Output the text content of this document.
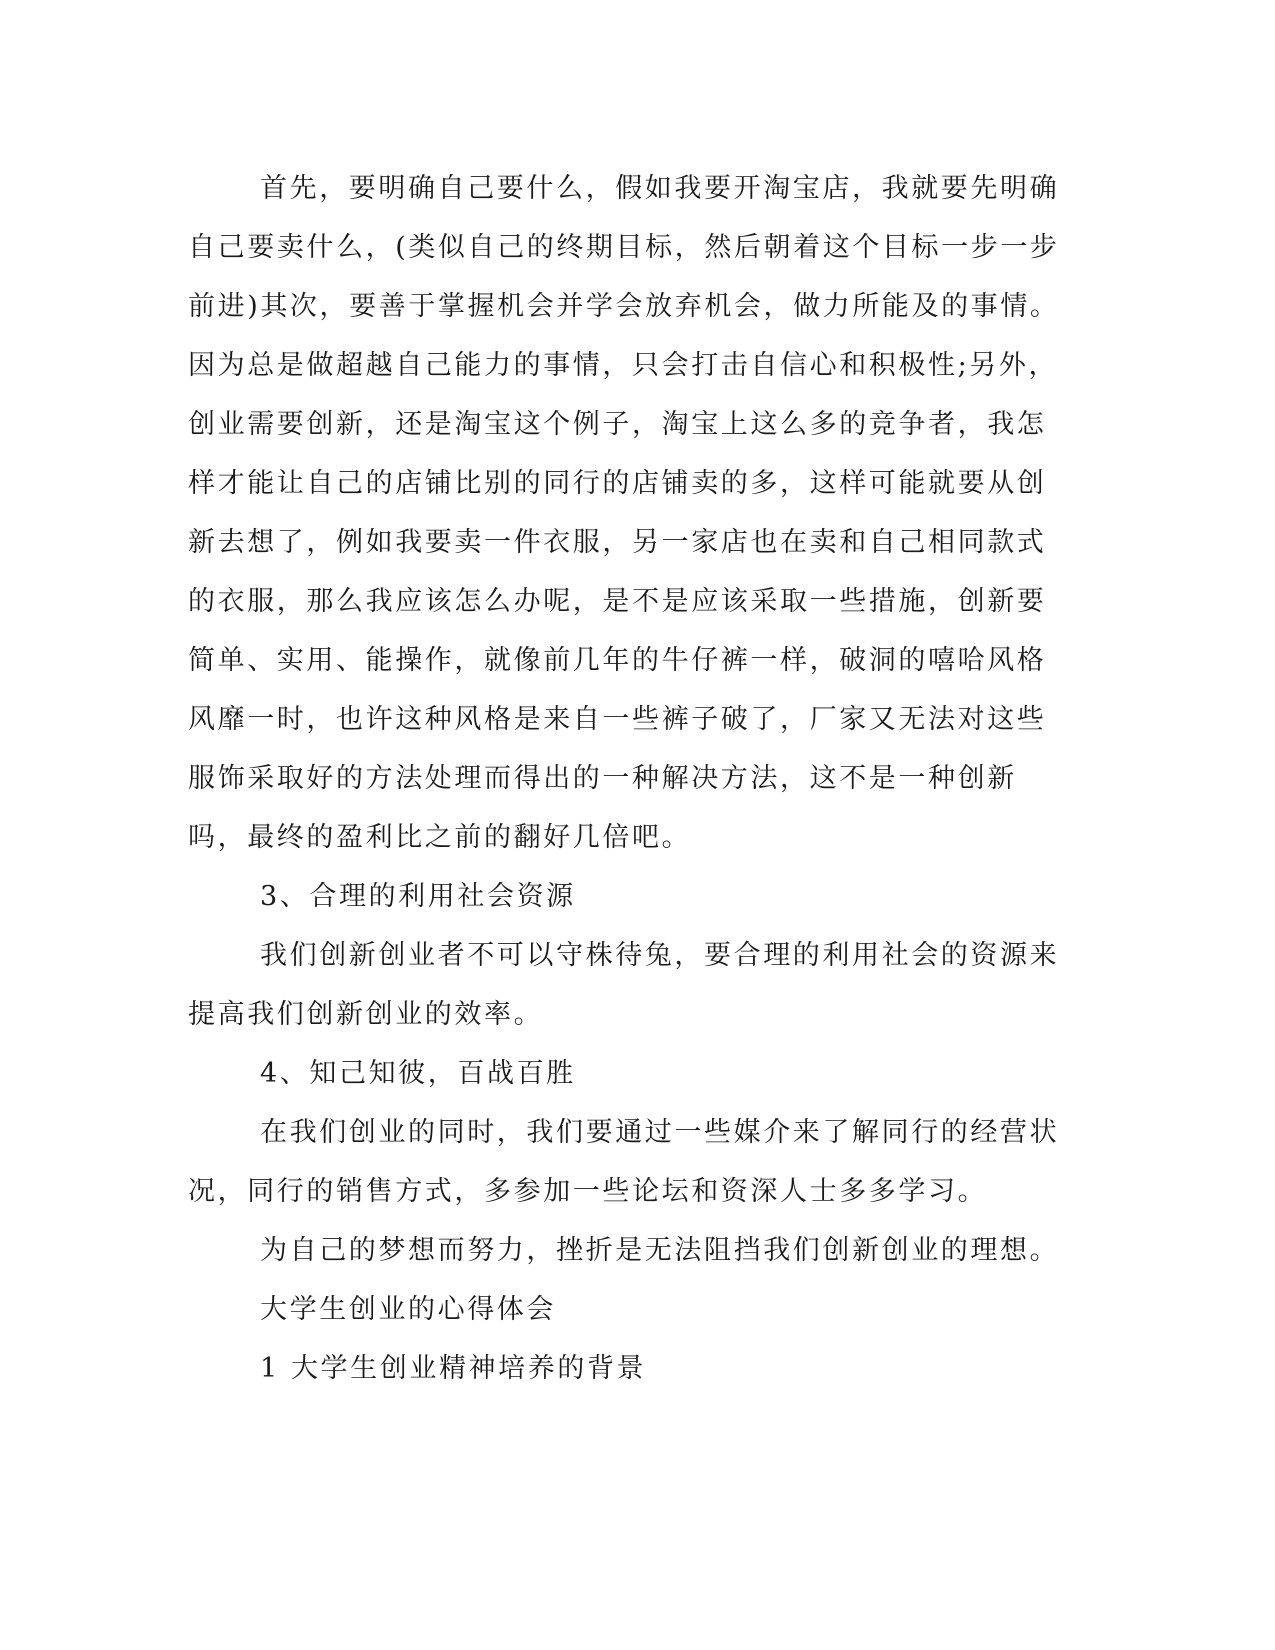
首先，要明确自己要什么，假如我要开淘宝店，我就要先明确自己要卖什么，(类似自己的终期目标，然后朝着这个目标一步一步前进)其次，要善于掌握机会并学会放弃机会，做力所能及的事情。因为总是做超越自己能力的事情，只会打击自信心和积极性;另外，创业需要创新，还是淘宝这个例子，淘宝上这么多的竞争者，我怎样才能让自己的店铺比别的同行的店铺卖的多，这样可能就要从创新去想了，例如我要卖一件衣服，另一家店也在卖和自己相同款式的衣服，那么我应该怎么办呢，是不是应该采取一些措施，创新要简单、实用、能操作，就像前几年的牛仔裤一样，破洞的嘻哈风格风靡一时，也许这种风格是来自一些裤子破了，厂家又无法对这些服饰采取好的方法处理而得出的一种解决方法，这不是一种创新吗，最终的盈利比之前的翻好几倍吧。

3、合理的利用社会资源

我们创新创业者不可以守株待兔，要合理的利用社会的资源来提高我们创新创业的效率。

4、知己知彼，百战百胜

在我们创业的同时，我们要通过一些媒介来了解同行的经营状况，同行的销售方式，多参加一些论坛和资深人士多多学习。

为自己的梦想而努力，挫折是无法阻挡我们创新创业的理想。

大学生创业的心得体会

1 大学生创业精神培养的背景
